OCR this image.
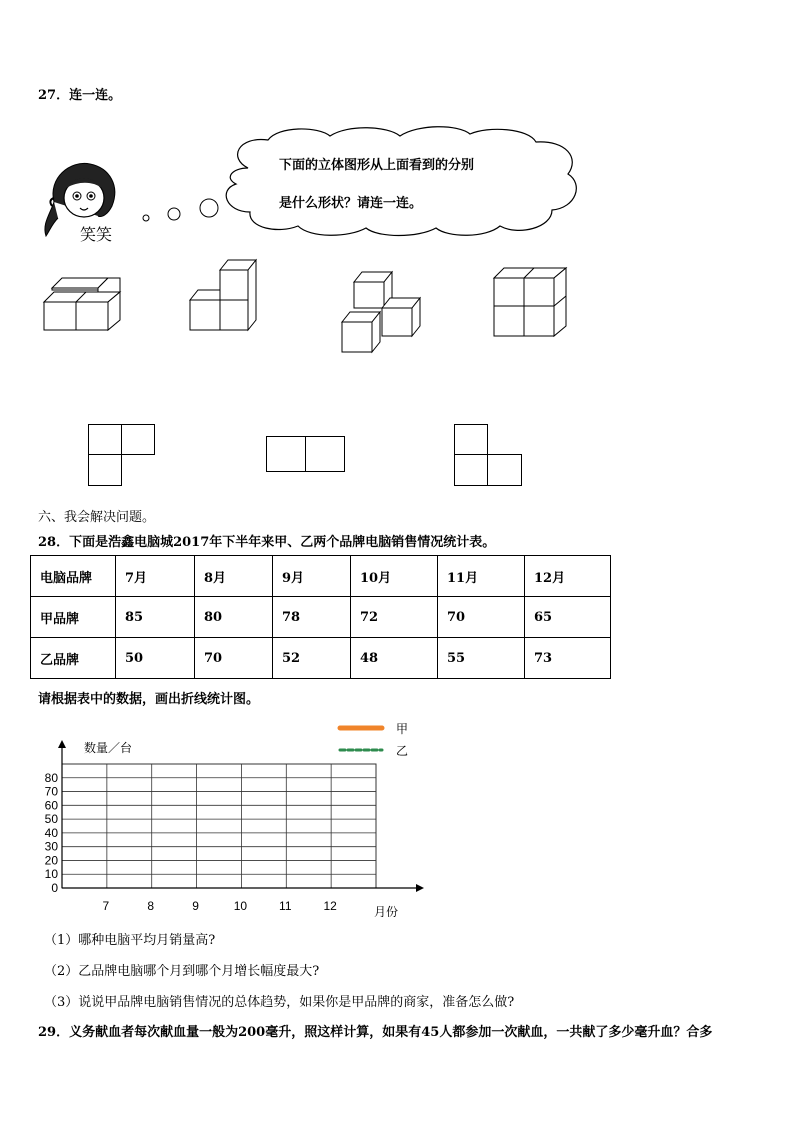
27．连一连。
笑笑
下面的立体图形从上面看到的分别
是什么形状？请连一连。
六、我会解决问题。
28．下面是浩鑫电脑城2017年下半年来甲、乙两个品牌电脑销售情况统计表。
电脑品牌	7月	8月	9月	10月	11月	12月
甲品牌	85	80	78	72	70	65
乙品牌	50	70	52	48	55	73
请根据表中的数据，画出折线统计图。
0
10
20
30
40
50
60
70
80
7	8	9	10	11	12
数量／台
月份
甲
乙
（1）哪种电脑平均月销量高?
（2）乙品牌电脑哪个月到哪个月增长幅度最大?
（3）说说甲品牌电脑销售情况的总体趋势，如果你是甲品牌的商家，准备怎么做?
29．义务献血者每次献血量一般为200毫升，照这样计算，如果有45人都参加一次献血，一共献了多少毫升血？合多
